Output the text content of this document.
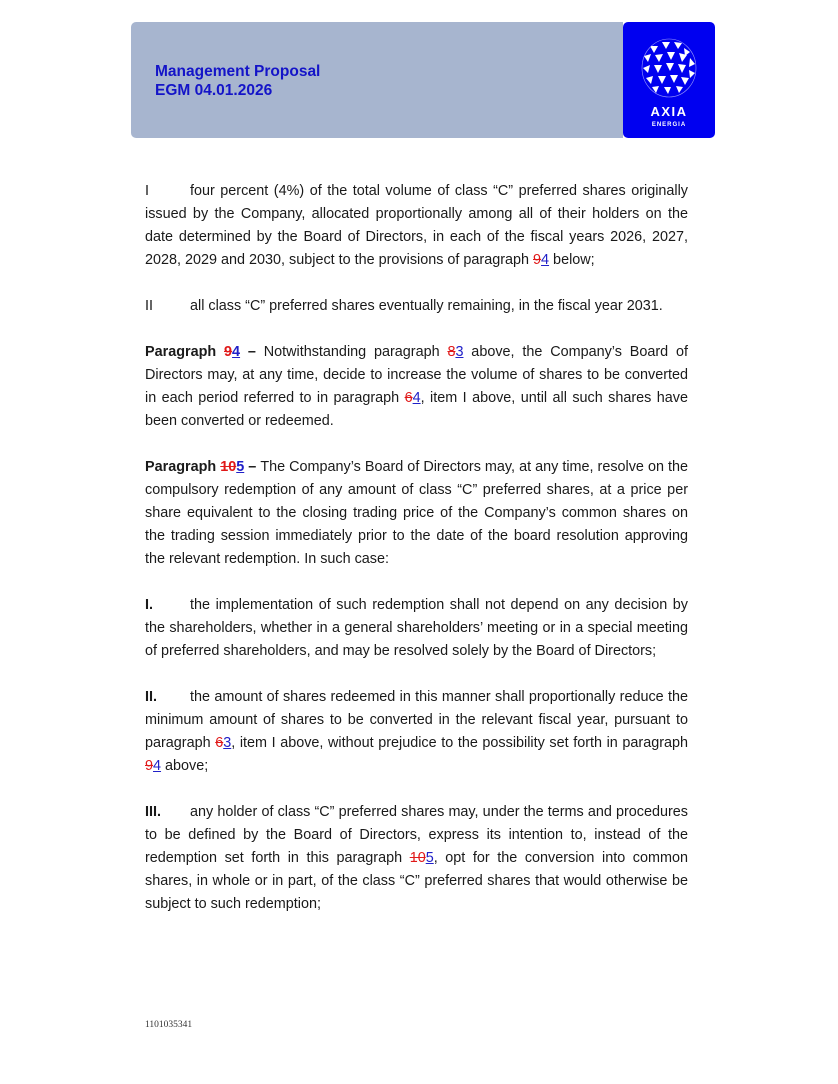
Management Proposal
EGM 04.01.2026
AXIA
ENERGIA

I	four percent (4%) of the total volume of class “C” preferred shares originally issued by the Company, allocated proportionally among all of their holders on the date determined by the Board of Directors, in each of the fiscal years 2026, 2027, 2028, 2029 and 2030, subject to the provisions of paragraph 94 below;

II	all class “C” preferred shares eventually remaining, in the fiscal year 2031.

Paragraph 94 – Notwithstanding paragraph 83 above, the Company’s Board of Directors may, at any time, decide to increase the volume of shares to be converted in each period referred to in paragraph 64, item I above, until all such shares have been converted or redeemed.

Paragraph 105 – The Company’s Board of Directors may, at any time, resolve on the compulsory redemption of any amount of class “C” preferred shares, at a price per share equivalent to the closing trading price of the Company’s common shares on the trading session immediately prior to the date of the board resolution approving the relevant redemption. In such case:

I.	the implementation of such redemption shall not depend on any decision by the shareholders, whether in a general shareholders’ meeting or in a special meeting of preferred shareholders, and may be resolved solely by the Board of Directors;

II. the amount of shares redeemed in this manner shall proportionally reduce the minimum amount of shares to be converted in the relevant fiscal year, pursuant to paragraph 63, item I above, without prejudice to the possibility set forth in paragraph 94 above;

III. any holder of class “C” preferred shares may, under the terms and procedures to be defined by the Board of Directors, express its intention to, instead of the redemption set forth in this paragraph 105, opt for the conversion into common shares, in whole or in part, of the class “C” preferred shares that would otherwise be subject to such redemption;

1101035341
